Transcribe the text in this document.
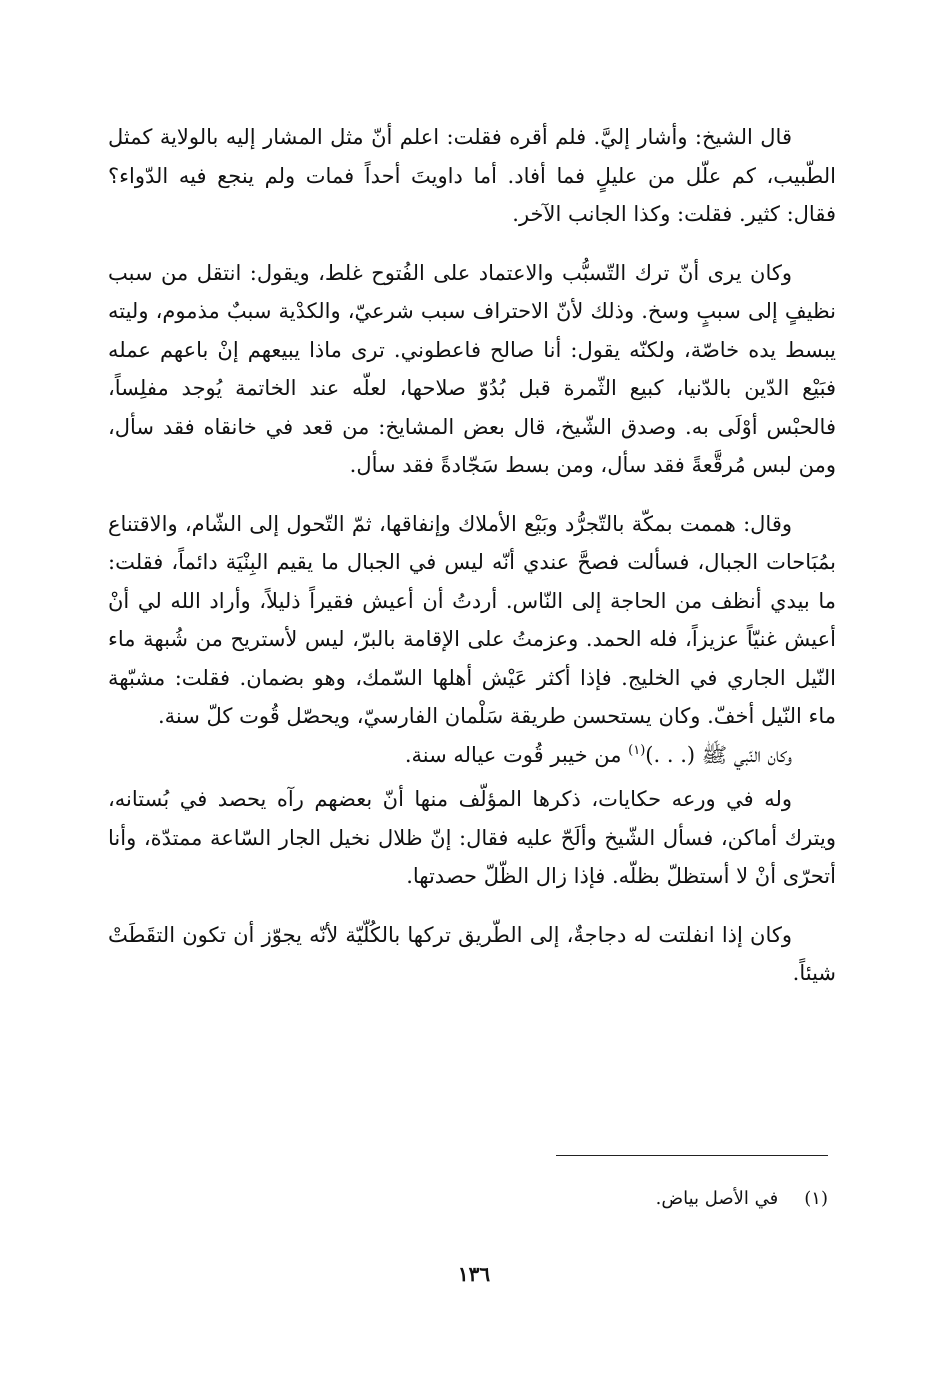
قال الشيخ: وأشار إليَّ. فلم أقره فقلت: اعلم أنّ مثل المشار إليه بالولاية كمثل الطّبيب، كم علّل من عليلٍ فما أفاد. أما داويتَ أحداً فمات ولم ينجع فيه الدّواء؟ فقال: كثير. فقلت: وكذا الجانب الآخر.

وكان يرى أنّ ترك التّسبُّب والاعتماد على الفُتوح غلط، ويقول: انتقل من سبب نظيفٍ إلى سببٍ وسخ. وذلك لأنّ الاحتراف سبب شرعيّ، والكدْية سببٌ مذموم، وليته يبسط يده خاصّة، ولكنّه يقول: أنا صالح فاعطوني. ترى ماذا يبيعهم إنْ باعهم عمله فبَيْع الدّين بالدّنيا، كبيع الثّمرة قبل بُدُوّ صلاحها، لعلّه عند الخاتمة يُوجد مفلِساً، فالحبْس أوْلَى به. وصدق الشّيخ، قال بعض المشايخ: من قعد في خانقاه فقد سأل، ومن لبس مُرقَّعةً فقد سأل، ومن بسط سَجّادةً فقد سأل.

وقال: هممت بمكّة بالتّجرُّد وبَيْع الأملاك وإنفاقها، ثمّ التّحول إلى الشّام، والاقتناع بمُبَاحات الجبال، فسألت فصحَّ عندي أنّه ليس في الجبال ما يقيم البِنْيَة دائماً، فقلت: ما بيدي أنظف من الحاجة إلى النّاس. أردتُ أن أعيش فقيراً ذليلاً، وأراد الله لي أنْ أعيش غنيّاً عزيزاً، فله الحمد. وعزمتُ على الإقامة بالبرّ، ليس لأستريح من شُبهة ماء النّيل الجاري في الخليج. فإذا أكثر عَيْش أهلها السّمك، وهو بضمان. فقلت: مشبّهة ماء النّيل أخفّ. وكان يستحسن طريقة سَلْمان الفارسيّ، ويحصّل قُوت كلّ سنة.

وكان النّبي ﷺ (. . .)$^{(١)}$ من خيبر قُوت عياله سنة.

وله في ورعه حكايات، ذكرها المؤلّف منها أنّ بعضهم رآه يحصد في بُستانه، ويترك أماكن، فسأل الشّيخ وألَحّ عليه فقال: إنّ ظلال نخيل الجار السّاعة ممتدّة، وأنا أتحرّى أنْ لا أستظلّ بظلّه. فإذا زال الظّلّ حصدتها.

وكان إذا انفلتت له دجاجةٌ، إلى الطّريق تركها بالكُلّيّة لأنّه يجوّز أن تكون التقَطَتْ شيئاً.

(١)في الأصل بياض.
١٣٦
